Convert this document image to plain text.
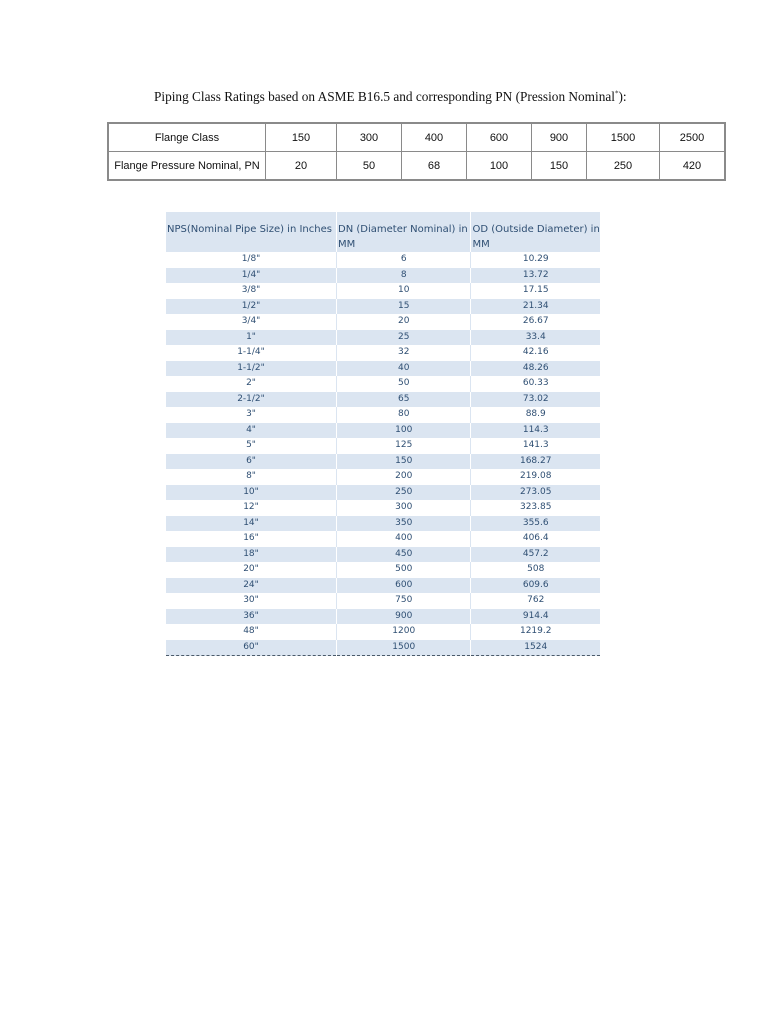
Piping Class Ratings based on ASME B16.5 and corresponding PN (Pression Nominal*):
Flange Class	150	300	400	600	900	1500	2500
Flange Pressure Nominal, PN	20	50	68	100	150	250	420
NPS(Nominal Pipe Size) in Inches	DN (Diameter Nominal) in MM	OD (Outside Diameter) in MM
1/8"	6	10.29
1/4"	8	13.72
3/8"	10	17.15
1/2"	15	21.34
3/4"	20	26.67
1"	25	33.4
1-1/4"	32	42.16
1-1/2"	40	48.26
2"	50	60.33
2-1/2"	65	73.02
3"	80	88.9
4"	100	114.3
5"	125	141.3
6"	150	168.27
8"	200	219.08
10"	250	273.05
12"	300	323.85
14"	350	355.6
16"	400	406.4
18"	450	457.2
20"	500	508
24"	600	609.6
30"	750	762
36"	900	914.4
48"	1200	1219.2
60"	1500	1524
